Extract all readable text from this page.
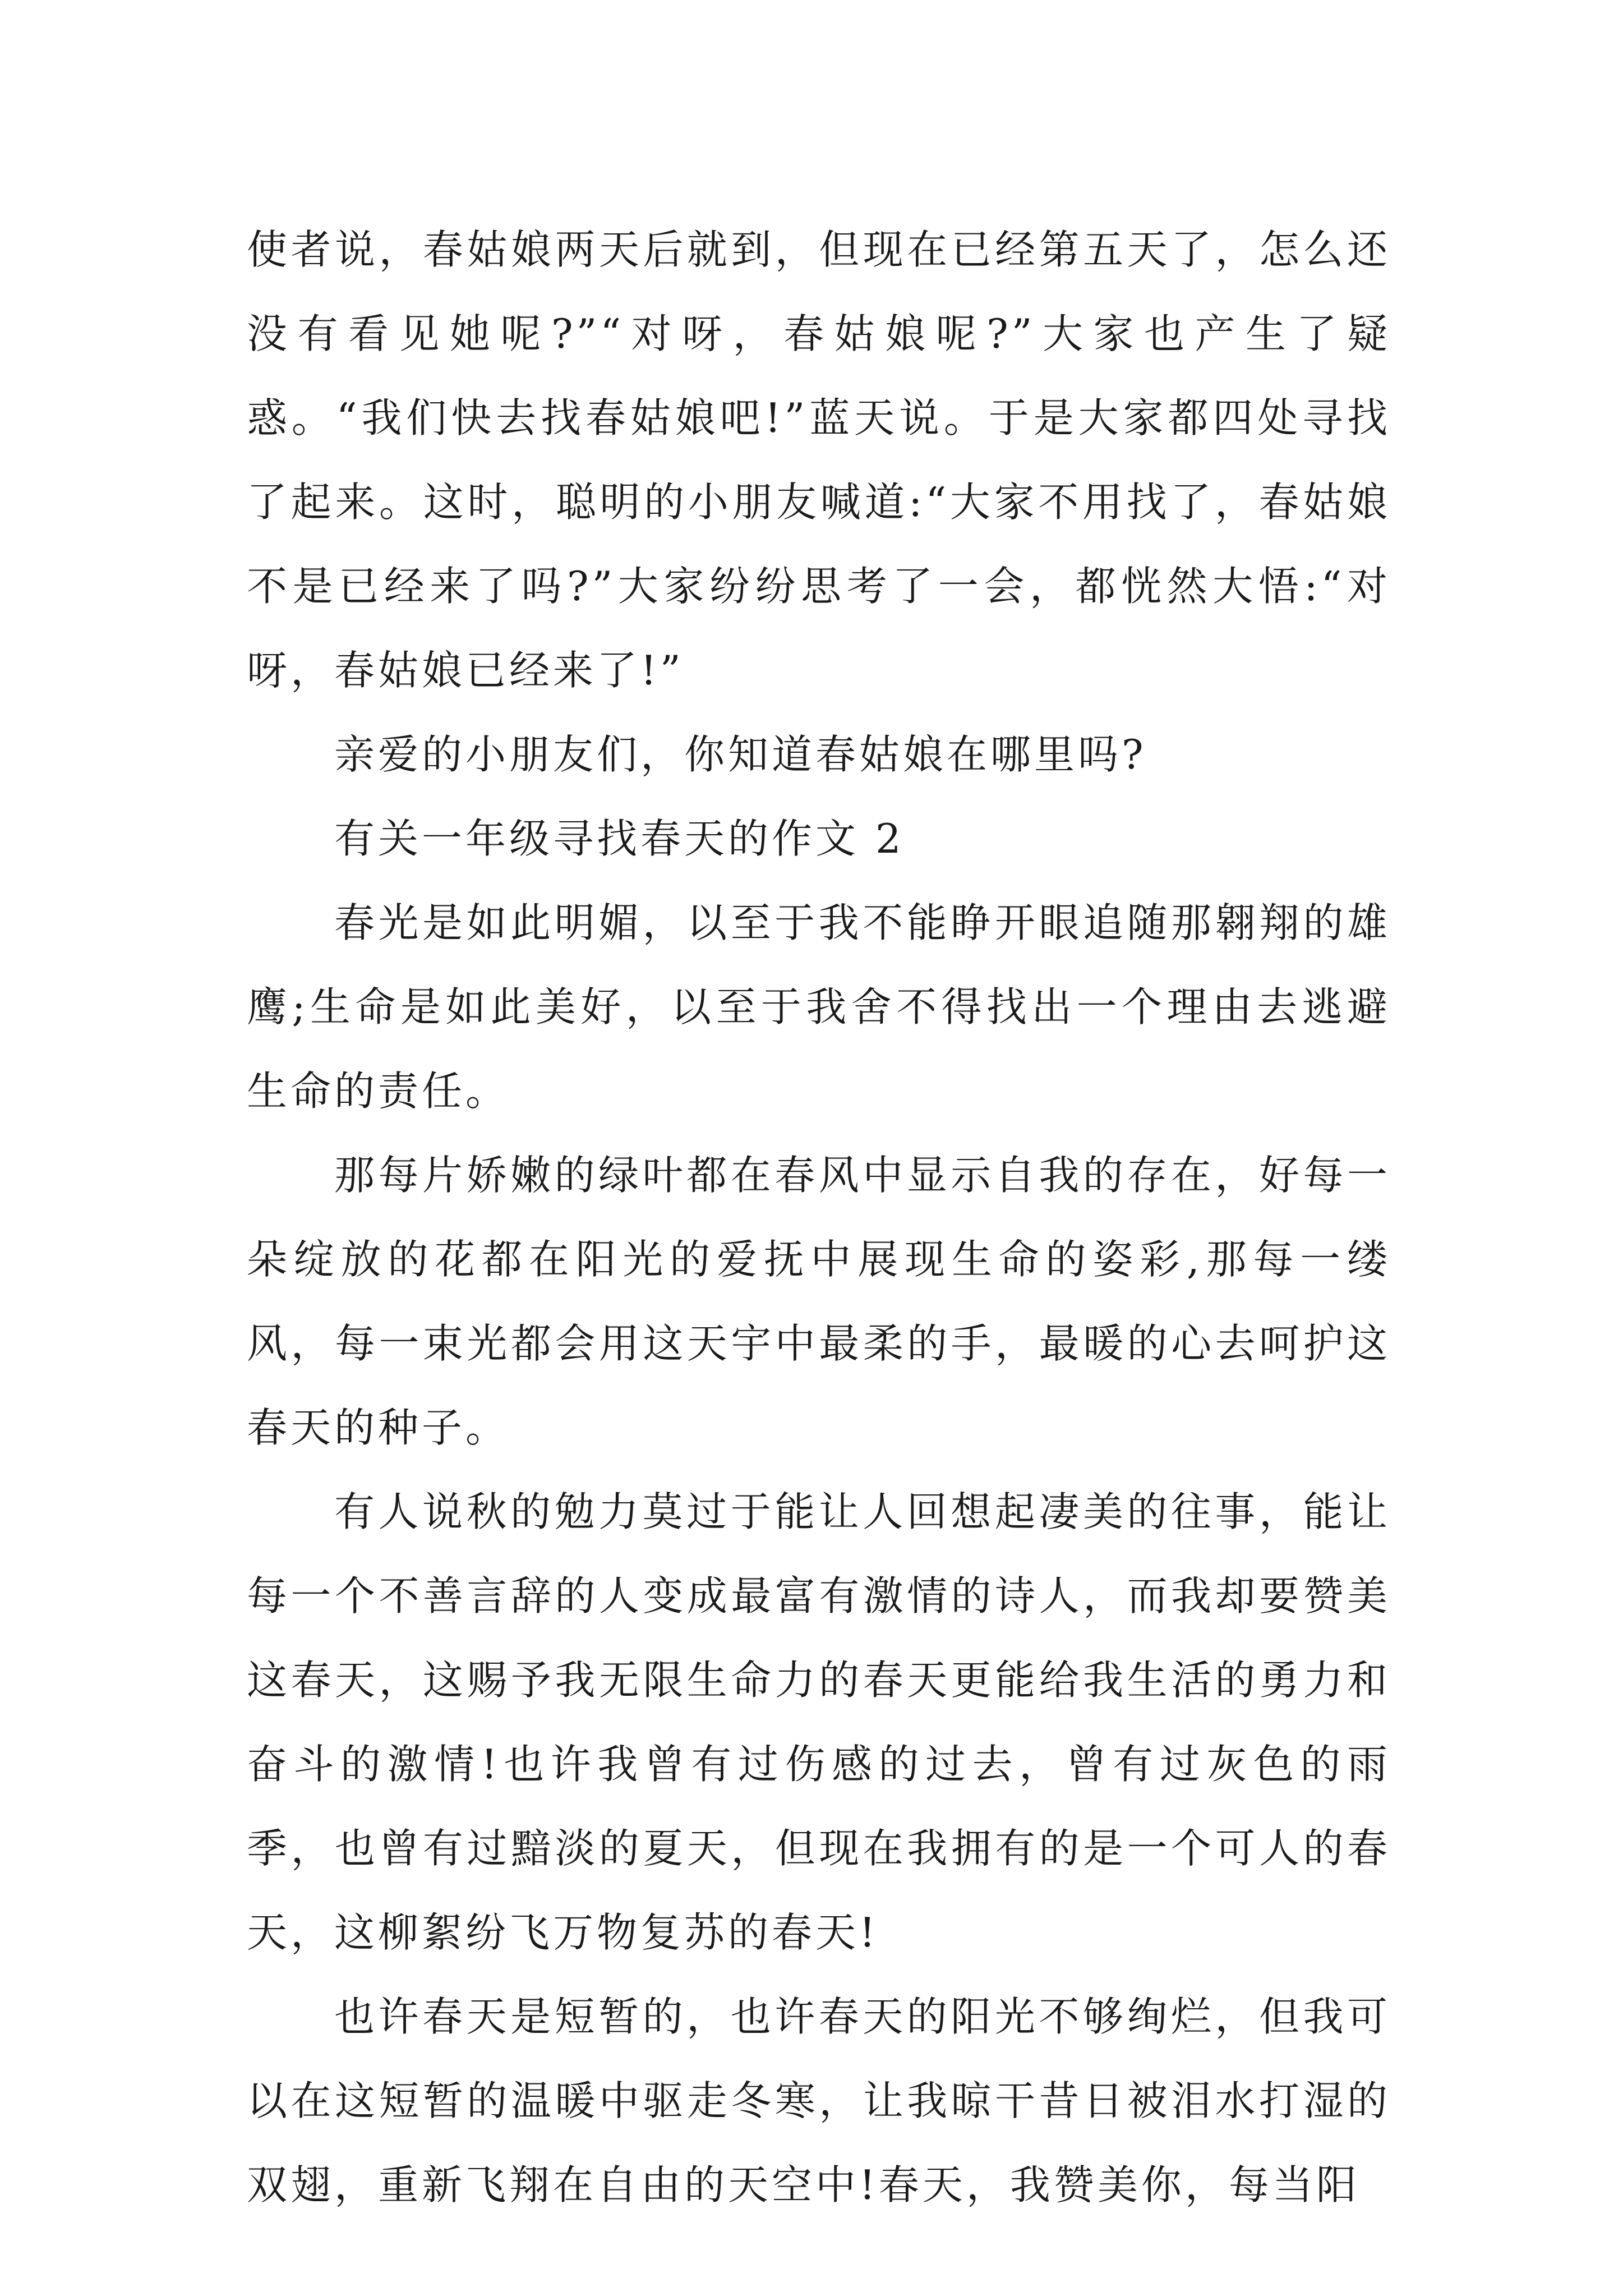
使者说，春姑娘两天后就到，但现在已经第五天了，怎么还没有看见她呢?”“对呀，春姑娘呢?”大家也产生了疑惑。“我们快去找春姑娘吧!”蓝天说。于是大家都四处寻找了起来。这时，聪明的小朋友喊道:“大家不用找了，春姑娘不是已经来了吗?”大家纷纷思考了一会，都恍然大悟:“对呀，春姑娘已经来了!”

亲爱的小朋友们，你知道春姑娘在哪里吗?

有关一年级寻找春天的作文 2

春光是如此明媚，以至于我不能睁开眼追随那翱翔的雄鹰;生命是如此美好，以至于我舍不得找出一个理由去逃避生命的责任。

那每片娇嫩的绿叶都在春风中显示自我的存在，好每一朵绽放的花都在阳光的爱抚中展现生命的姿彩,那每一缕风，每一束光都会用这天宇中最柔的手，最暖的心去呵护这春天的种子。

有人说秋的勉力莫过于能让人回想起凄美的往事，能让每一个不善言辞的人变成最富有激情的诗人，而我却要赞美这春天，这赐予我无限生命力的春天更能给我生活的勇力和奋斗的激情!也许我曾有过伤感的过去，曾有过灰色的雨季，也曾有过黯淡的夏天，但现在我拥有的是一个可人的春天，这柳絮纷飞万物复苏的春天!

也许春天是短暂的，也许春天的阳光不够绚烂，但我可以在这短暂的温暖中驱走冬寒，让我晾干昔日被泪水打湿的双翅，重新飞翔在自由的天空中!春天，我赞美你，每当阳
